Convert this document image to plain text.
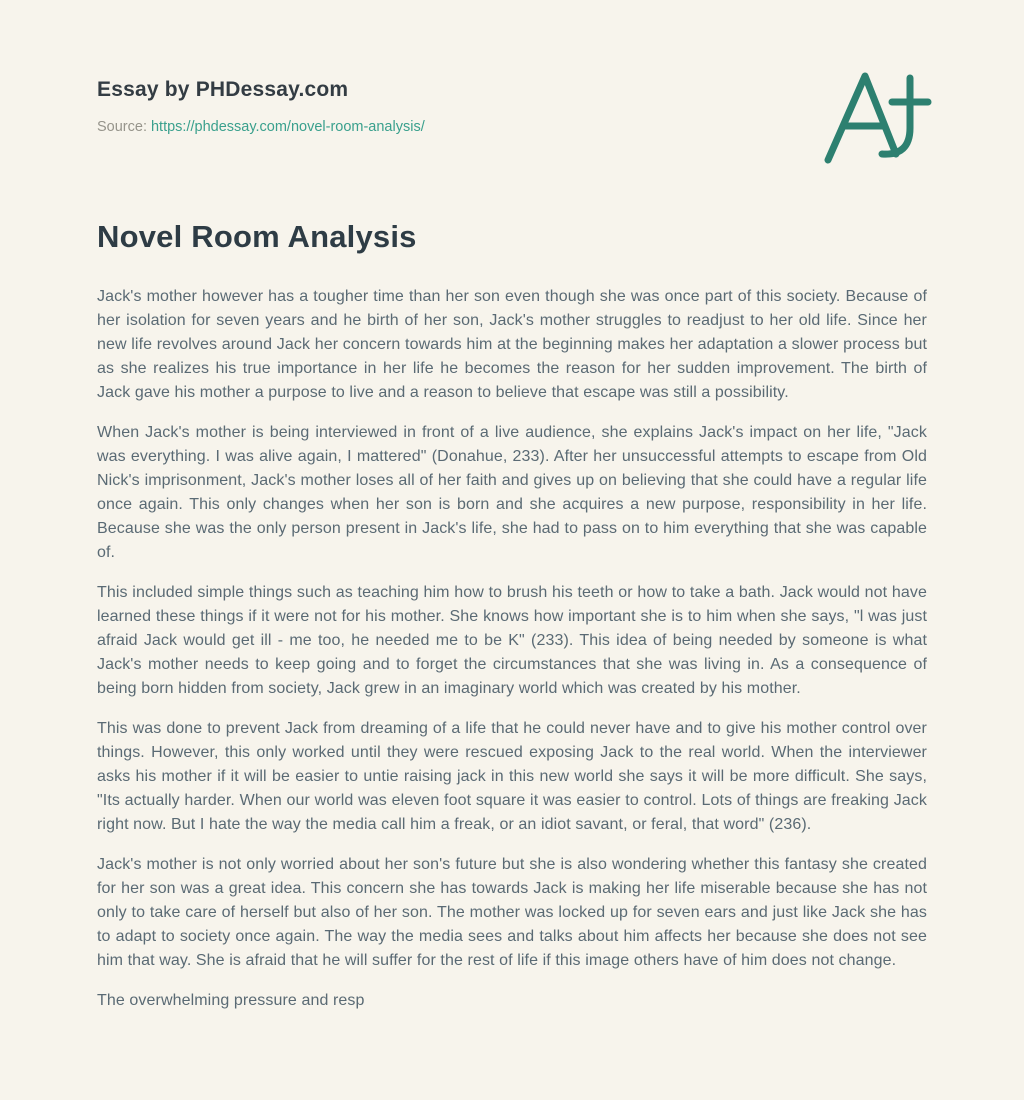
Essay by PHDessay.com

Source: https://phdessay.com/novel-room-analysis/

Novel Room Analysis

Jack's mother however has a tougher time than her son even though she was once part of this society. Because of her isolation for seven years and he birth of her son, Jack's mother struggles to readjust to her old life. Since her new life revolves around Jack her concern towards him at the beginning makes her adaptation a slower process but as she realizes his true importance in her life he becomes the reason for her sudden improvement. The birth of Jack gave his mother a purpose to live and a reason to believe that escape was still a possibility.

When Jack's mother is being interviewed in front of a live audience, she explains Jack's impact on her life, "Jack was everything. I was alive again, I mattered" (Donahue, 233). After her unsuccessful attempts to escape from Old Nick's imprisonment, Jack's mother loses all of her faith and gives up on believing that she could have a regular life once again. This only changes when her son is born and she acquires a new purpose, responsibility in her life. Because she was the only person present in Jack's life, she had to pass on to him everything that she was capable of.

This included simple things such as teaching him how to brush his teeth or how to take a bath. Jack would not have learned these things if it were not for his mother. She knows how important she is to him when she says, "l was just afraid Jack would get ill - me too, he needed me to be K" (233). This idea of being needed by someone is what Jack's mother needs to keep going and to forget the circumstances that she was living in. As a consequence of being born hidden from society, Jack grew in an imaginary world which was created by his mother.

This was done to prevent Jack from dreaming of a life that he could never have and to give his mother control over things. However, this only worked until they were rescued exposing Jack to the real world. When the interviewer asks his mother if it will be easier to untie raising jack in this new world she says it will be more difficult. She says, "Its actually harder. When our world was eleven foot square it was easier to control. Lots of things are freaking Jack right now. But I hate the way the media call him a freak, or an idiot savant, or feral, that word" (236).

Jack's mother is not only worried about her son's future but she is also wondering whether this fantasy she created for her son was a great idea. This concern she has towards Jack is making her life miserable because she has not only to take care of herself but also of her son. The mother was locked up for seven ears and just like Jack she has to adapt to society once again. The way the media sees and talks about him affects her because she does not see him that way. She is afraid that he will suffer for the rest of life if this image others have of him does not change.

The overwhelming pressure and resp
